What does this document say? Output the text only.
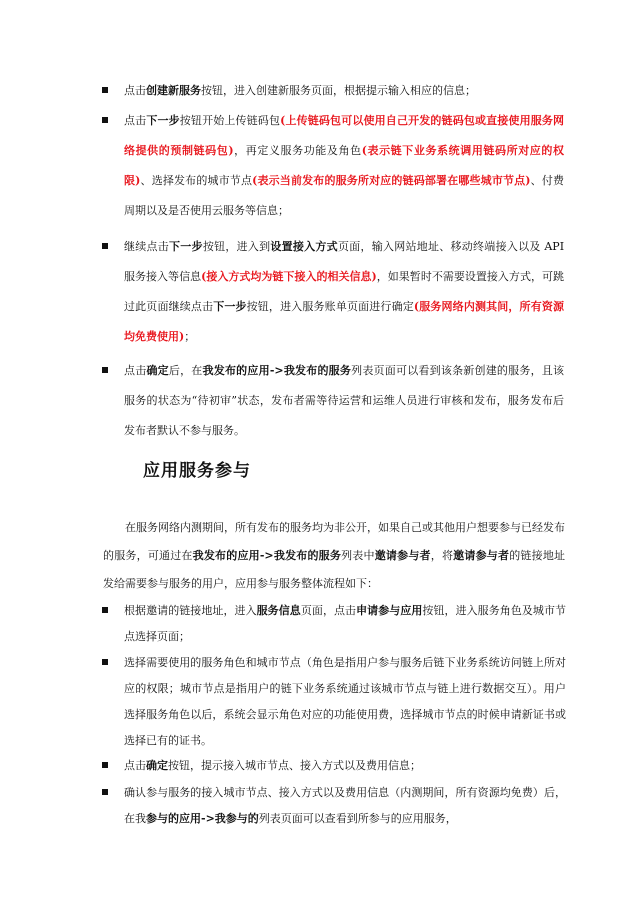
点击创建新服务按钮，进入创建新服务页面，根据提示输入相应的信息；
点击下一步按钮开始上传链码包(上传链码包可以使用自己开发的链码包或直接使用服务网络提供的预制链码包)，再定义服务功能及角色(表示链下业务系统调用链码所对应的权限)、选择发布的城市节点(表示当前发布的服务所对应的链码部署在哪些城市节点)、付费周期以及是否使用云服务等信息；
继续点击下一步按钮，进入到设置接入方式页面，输入网站地址、移动终端接入以及 API 服务接入等信息(接入方式均为链下接入的相关信息)，如果暂时不需要设置接入方式，可跳过此页面继续点击下一步按钮，进入服务账单页面进行确定(服务网络内测其间，所有资源均免费使用)；
点击确定后，在我发布的应用->我发布的服务列表页面可以看到该条新创建的服务，且该服务的状态为“待初审”状态，发布者需等待运营和运维人员进行审核和发布，服务发布后发布者默认不参与服务。
应用服务参与
在服务网络内测期间，所有发布的服务均为非公开，如果自己或其他用户想要参与已经发布的服务，可通过在我发布的应用->我发布的服务列表中邀请参与者，将邀请参与者的链接地址发给需要参与服务的用户，应用参与服务整体流程如下：
根据邀请的链接地址，进入服务信息页面，点击申请参与应用按钮，进入服务角色及城市节点选择页面；
选择需要使用的服务角色和城市节点（角色是指用户参与服务后链下业务系统访问链上所对应的权限；城市节点是指用户的链下业务系统通过该城市节点与链上进行数据交互）。用户选择服务角色以后，系统会显示角色对应的功能使用费，选择城市节点的时候申请新证书或选择已有的证书。
点击确定按钮，提示接入城市节点、接入方式以及费用信息；
确认参与服务的接入城市节点、接入方式以及费用信息（内测期间，所有资源均免费）后，在我参与的应用->我参与的列表页面可以查看到所参与的应用服务，
